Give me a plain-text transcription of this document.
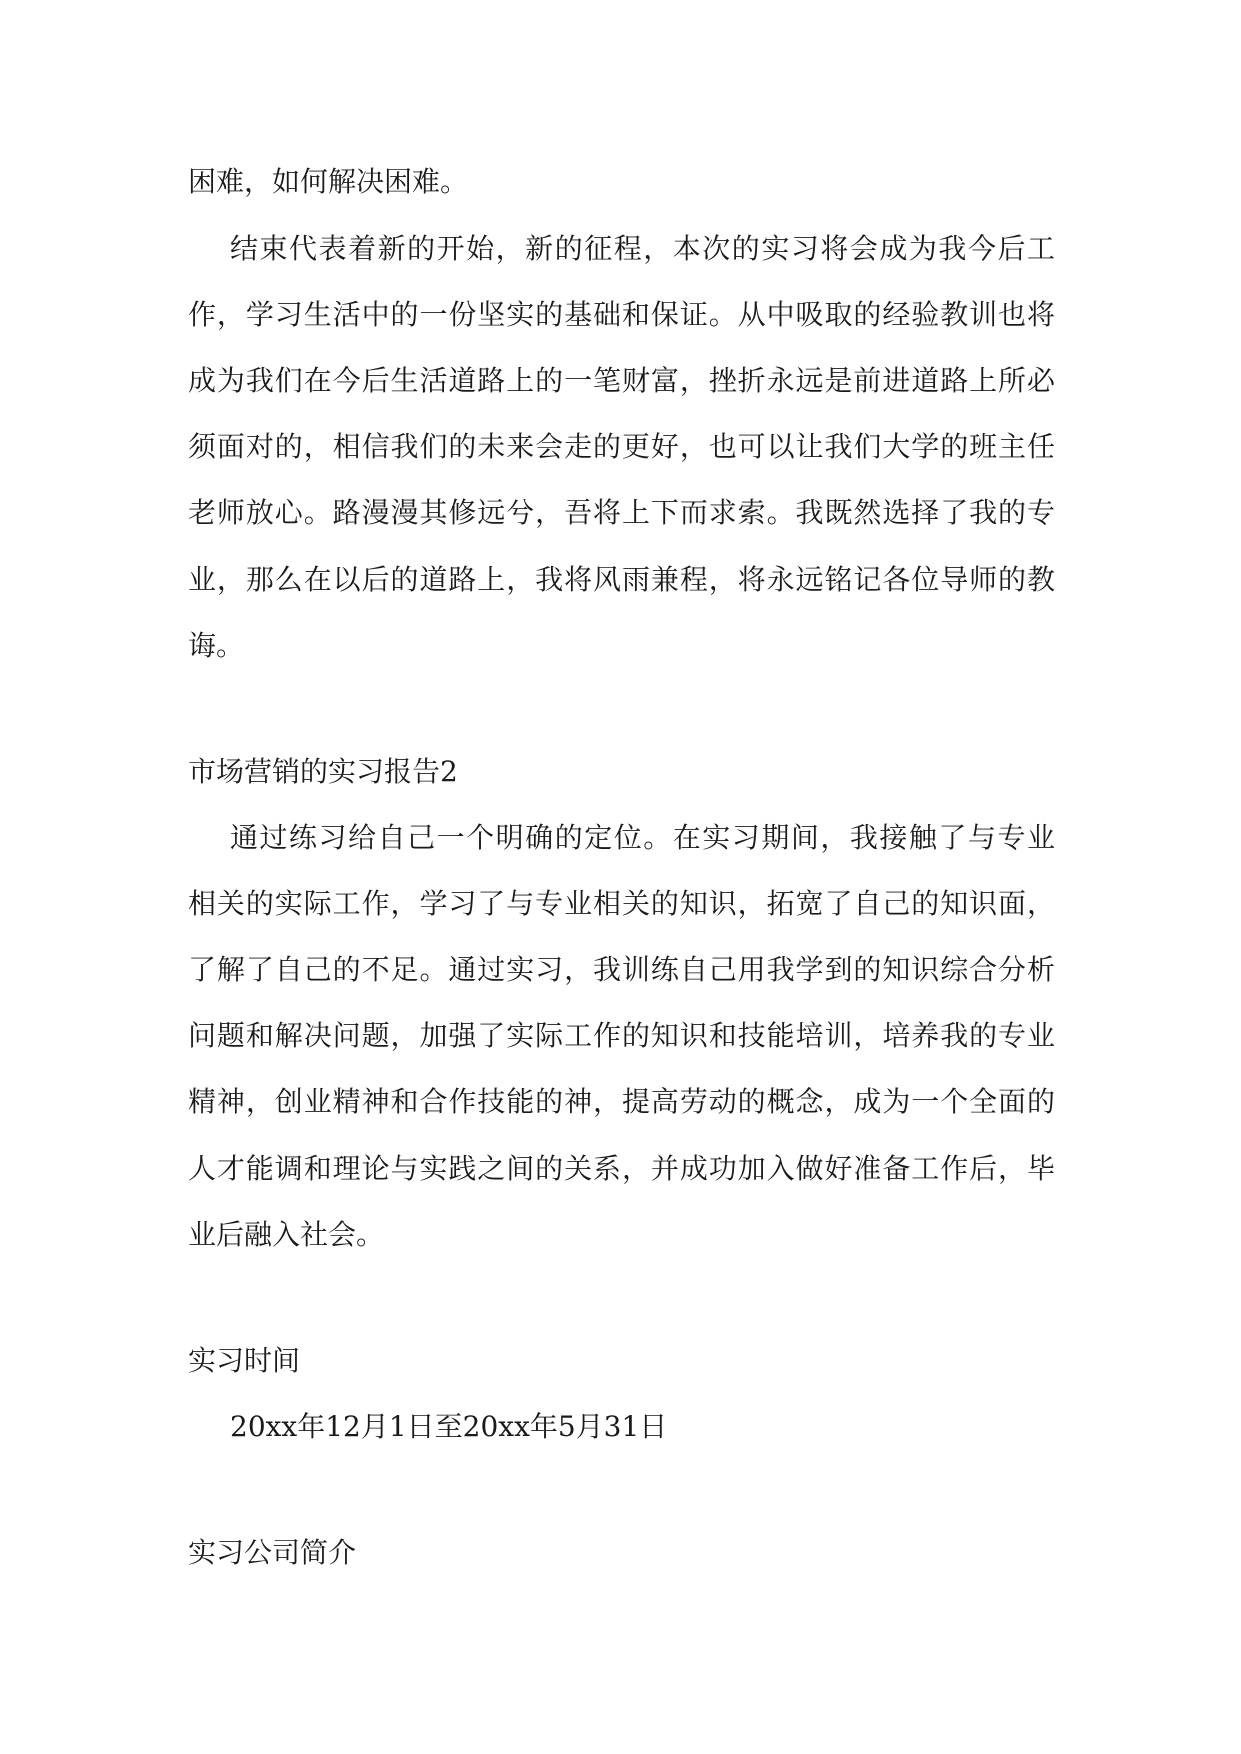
困难，如何解决困难。
结束代表着新的开始，新的征程，本次的实习将会成为我今后工
作，学习生活中的一份坚实的基础和保证。从中吸取的经验教训也将
成为我们在今后生活道路上的一笔财富，挫折永远是前进道路上所必
须面对的，相信我们的未来会走的更好，也可以让我们大学的班主任
老师放心。路漫漫其修远兮，吾将上下而求索。我既然选择了我的专
业，那么在以后的道路上，我将风雨兼程，将永远铭记各位导师的教
诲。
市场营销的实习报告2
通过练习给自己一个明确的定位。在实习期间，我接触了与专业
相关的实际工作，学习了与专业相关的知识，拓宽了自己的知识面，
了解了自己的不足。通过实习，我训练自己用我学到的知识综合分析
问题和解决问题，加强了实际工作的知识和技能培训，培养我的专业
精神，创业精神和合作技能的神，提高劳动的概念，成为一个全面的
人才能调和理论与实践之间的关系，并成功加入做好准备工作后，毕
业后融入社会。
实习时间
20xx年12月1日至20xx年5月31日
实习公司简介
